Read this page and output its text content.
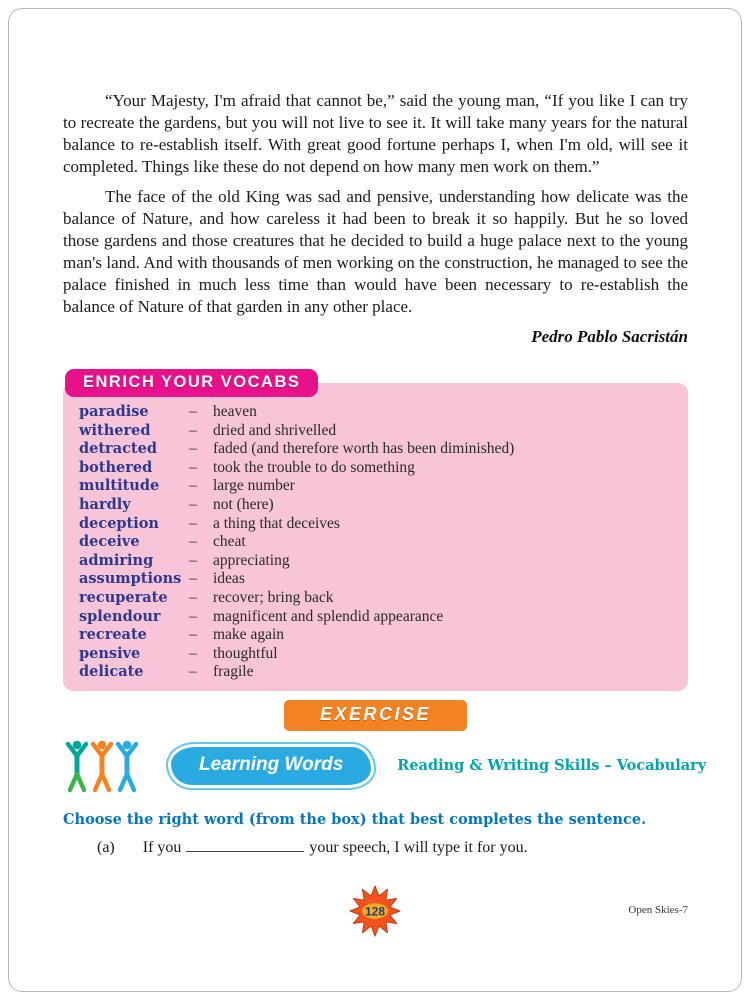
“Your Majesty, I'm afraid that cannot be,” said the young man, “If you like I can try to recreate the gardens, but you will not live to see it. It will take many years for the natural balance to re-establish itself. With great good fortune perhaps I, when I'm old, will see it completed. Things like these do not depend on how many men work on them.”

The face of the old King was sad and pensive, understanding how delicate was the balance of Nature, and how careless it had been to break it so happily. But he so loved those gardens and those creatures that he decided to build a huge palace next to the young man's land. And with thousands of men working on the construction, he managed to see the palace finished in much less time than would have been necessary to re-establish the balance of Nature of that garden in any other place.

Pedro Pablo Sacristán

ENRICH YOUR VOCABS
paradise	–	heaven
withered	–	dried and shrivelled
detracted	–	faded (and therefore worth has been diminished)
bothered	–	took the trouble to do something
multitude	–	large number
hardly	–	not (here)
deception	–	a thing that deceives
deceive	–	cheat
admiring	–	appreciating
assumptions –	ideas
recuperate	–	recover; bring back
splendour	–	magnificent and splendid appearance
recreate	–	make again
pensive	–	thoughtful
delicate	–	fragile
EXERCISE
Learning Words	Reading & Writing Skills – Vocabulary

Choose the right word (from the box) that best completes the sentence.

(a) If you	your speech, I will type it for you.
128	Open Skies-7
